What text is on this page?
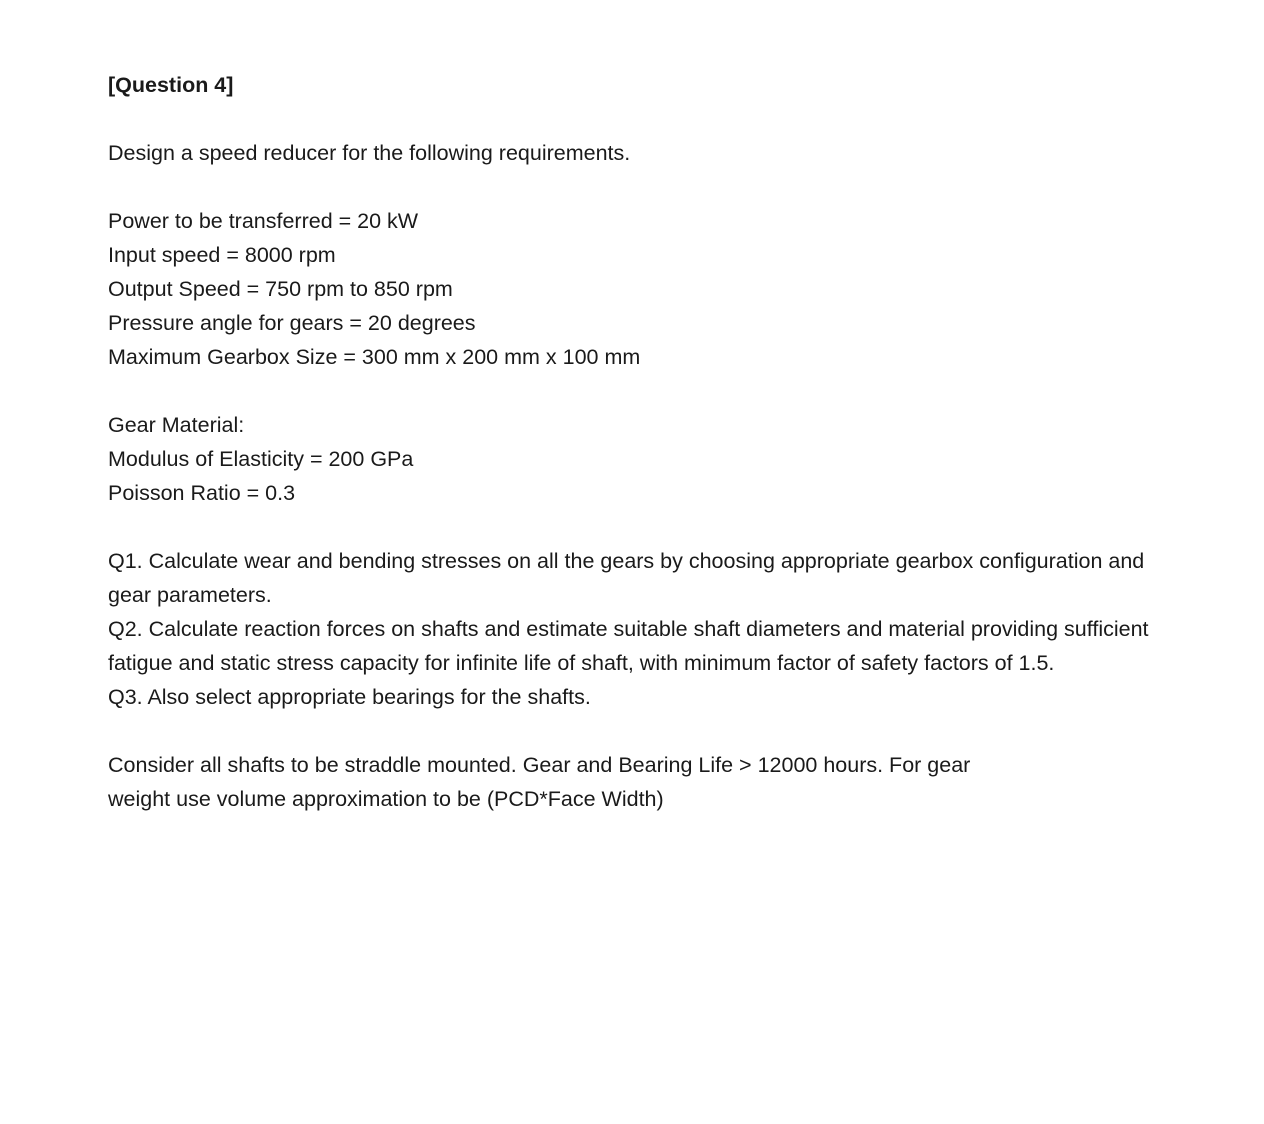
[Question 4]
Design a speed reducer for the following requirements.
Power to be transferred = 20 kW
Input speed = 8000 rpm
Output Speed = 750 rpm to 850 rpm
Pressure angle for gears = 20 degrees
Maximum Gearbox Size = 300 mm x 200 mm x 100 mm
Gear Material:
Modulus of Elasticity = 200 GPa
Poisson Ratio = 0.3
Q1. Calculate wear and bending stresses on all the gears by choosing appropriate gearbox configuration and gear parameters.
Q2. Calculate reaction forces on shafts and estimate suitable shaft diameters and material providing sufficient fatigue and static stress capacity for infinite life of shaft, with minimum factor of safety factors of 1.5.
Q3. Also select appropriate bearings for the shafts.
Consider all shafts to be straddle mounted. Gear and Bearing Life > 12000 hours. For gear
weight use volume approximation to be (PCD*Face Width)
